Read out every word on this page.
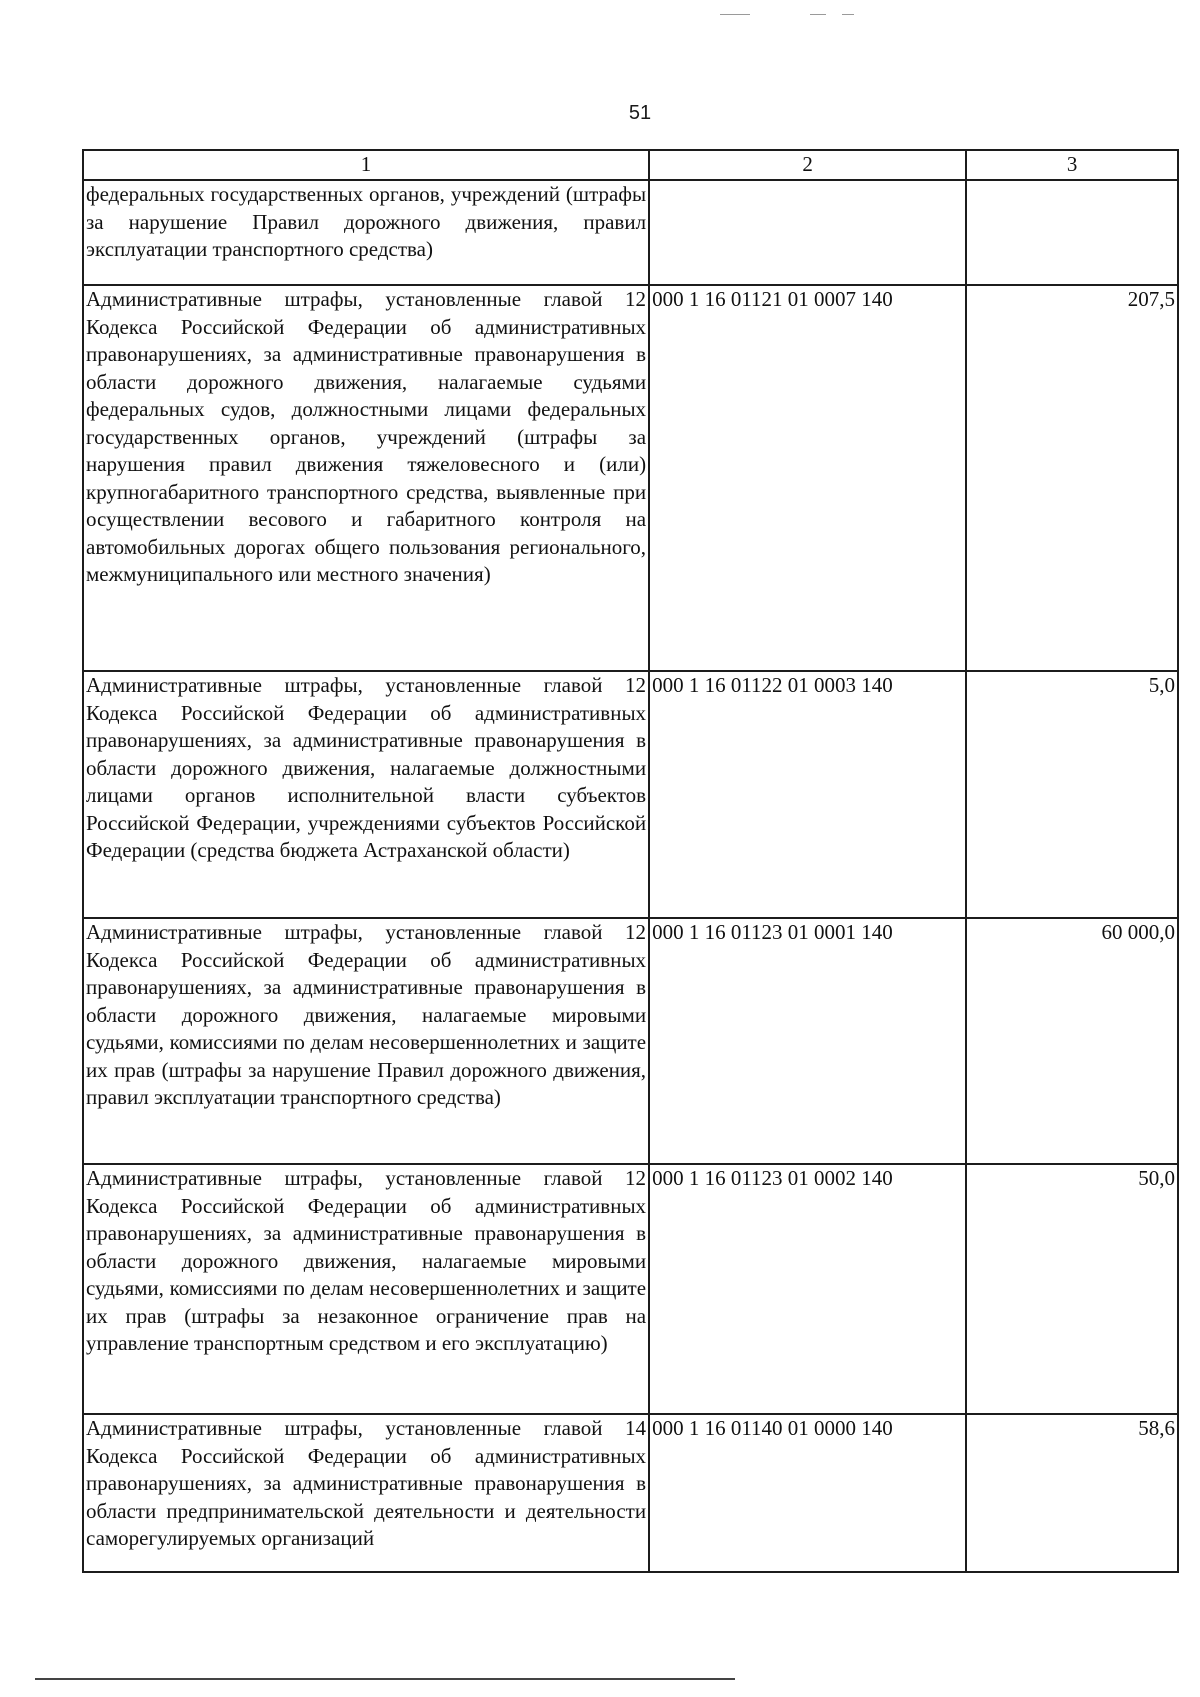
51
1	2	3
федеральных государственных органов, учреждений (штрафы за нарушение Правил дорожного движения, правил эксплуатации транспортного средства)		
Административные штрафы, установленные главой 12 Кодекса Российской Федерации об административных правонарушениях, за административные правонарушения в области дорожного движения, налагаемые судьями федеральных судов, должностными лицами федеральных государственных органов, учреждений (штрафы за нарушения правил движения тяжеловесного и (или) крупногабаритного транспортного средства, выявленные при осуществлении весового и габаритного контроля на автомобильных дорогах общего пользования регионального, межмуниципального или местного значения)	000 1 16 01121 01 0007 140	207,5
Административные штрафы, установленные главой 12 Кодекса Российской Федерации об административных правонарушениях, за административные правонарушения в области дорожного движения, налагаемые должностными лицами органов исполнительной власти субъектов Российской Федерации, учреждениями субъектов Российской Федерации (средства бюджета Астраханской области)	000 1 16 01122 01 0003 140	5,0
Административные штрафы, установленные главой 12 Кодекса Российской Федерации об административных правонарушениях, за административные правонарушения в области дорожного движения, налагаемые мировыми судьями, комиссиями по делам несовершеннолетних и защите их прав (штрафы за нарушение Правил дорожного движения, правил эксплуатации транспортного средства)	000 1 16 01123 01 0001 140	60 000,0
Административные штрафы, установленные главой 12 Кодекса Российской Федерации об административных правонарушениях, за административные правонарушения в области дорожного движения, налагаемые мировыми судьями, комиссиями по делам несовершеннолетних и защите их прав (штрафы за незаконное ограничение прав на управление транспортным средством и его эксплуатацию)	000 1 16 01123 01 0002 140	50,0
Административные штрафы, установленные главой 14 Кодекса Российской Федерации об административных правонарушениях, за административные правонарушения в области предпринимательской деятельности и деятельности саморегулируемых организаций	000 1 16 01140 01 0000 140	58,6
